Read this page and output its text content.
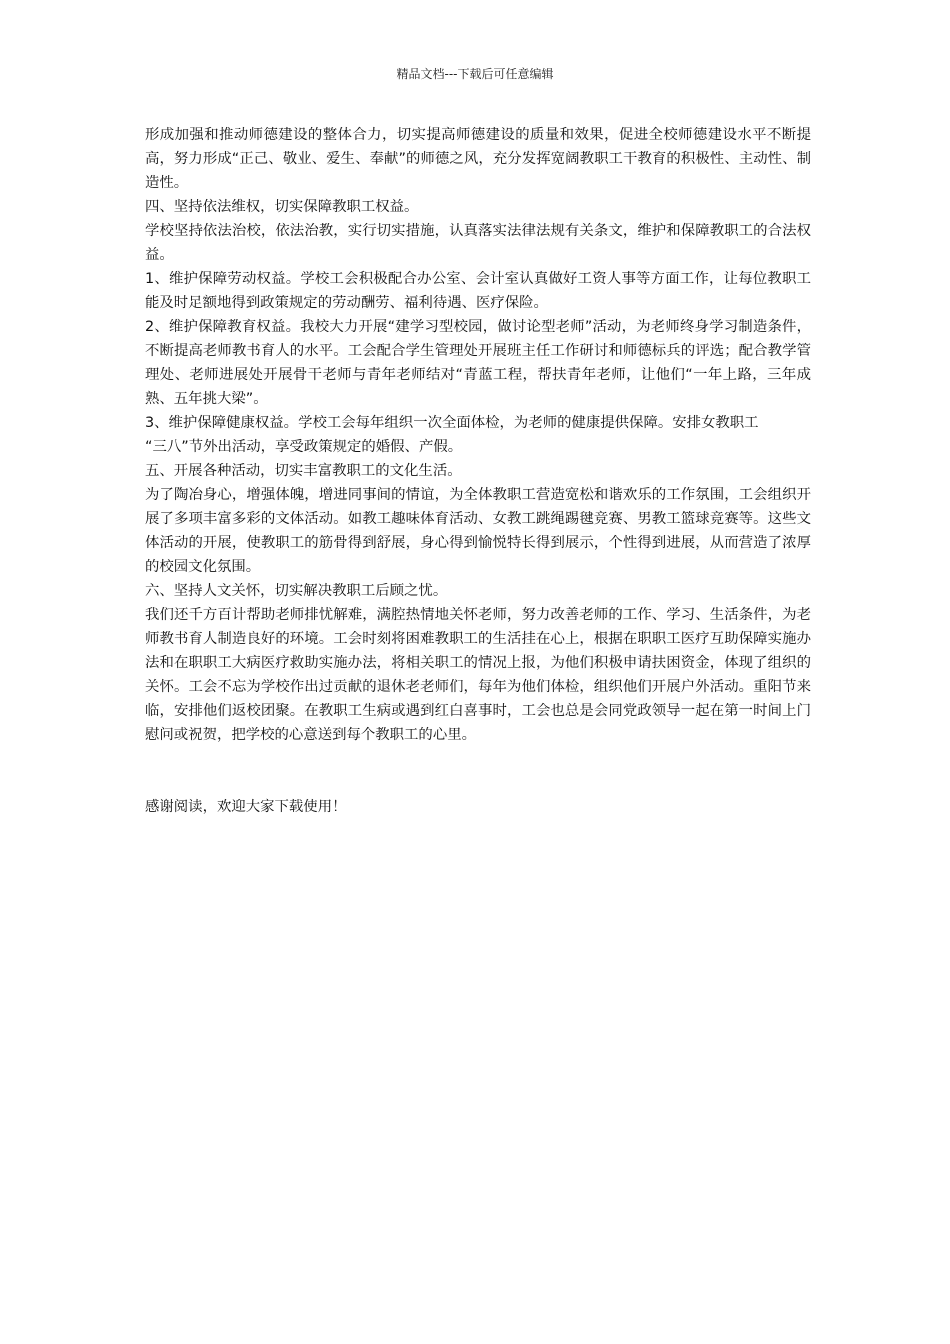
精品文档---下载后可任意编辑

形成加强和推动师德建设的整体合力，切实提高师德建设的质量和效果，促进全校师德建设水平不断提高，努力形成“正己、敬业、爱生、奉献”的师德之风，充分发挥宽阔教职工干教育的积极性、主动性、制造性。

四、坚持依法维权，切实保障教职工权益。

学校坚持依法治校，依法治教，实行切实措施，认真落实法律法规有关条文，维护和保障教职工的合法权益。

1、维护保障劳动权益。学校工会积极配合办公室、会计室认真做好工资人事等方面工作，让每位教职工能及时足额地得到政策规定的劳动酬劳、福利待遇、医疗保险。

2、维护保障教育权益。我校大力开展“建学习型校园，做讨论型老师”活动，为老师终身学习制造条件，不断提高老师教书育人的水平。工会配合学生管理处开展班主任工作研讨和师德标兵的评选；配合教学管理处、老师进展处开展骨干老师与青年老师结对“青蓝工程，帮扶青年老师，让他们“一年上路，三年成熟、五年挑大梁”。

3、维护保障健康权益。学校工会每年组织一次全面体检，为老师的健康提供保障。安排女教职工

“三八”节外出活动，享受政策规定的婚假、产假。

五、开展各种活动，切实丰富教职工的文化生活。

为了陶冶身心，增强体魄，增进同事间的情谊，为全体教职工营造宽松和谐欢乐的工作氛围，工会组织开展了多项丰富多彩的文体活动。如教工趣味体育活动、女教工跳绳踢毽竞赛、男教工篮球竞赛等。这些文体活动的开展，使教职工的筋骨得到舒展，身心得到愉悦特长得到展示，个性得到进展，从而营造了浓厚的校园文化氛围。

六、坚持人文关怀，切实解决教职工后顾之忧。

我们还千方百计帮助老师排忧解难，满腔热情地关怀老师，努力改善老师的工作、学习、生活条件，为老师教书育人制造良好的环境。工会时刻将困难教职工的生活挂在心上，根据在职职工医疗互助保障实施办法和在职职工大病医疗救助实施办法，将相关职工的情况上报，为他们积极申请扶困资金，体现了组织的关怀。工会不忘为学校作出过贡献的退休老老师们，每年为他们体检，组织他们开展户外活动。重阳节来临，安排他们返校团聚。在教职工生病或遇到红白喜事时，工会也总是会同党政领导一起在第一时间上门慰问或祝贺，把学校的心意送到每个教职工的心里。

感谢阅读，欢迎大家下载使用！
